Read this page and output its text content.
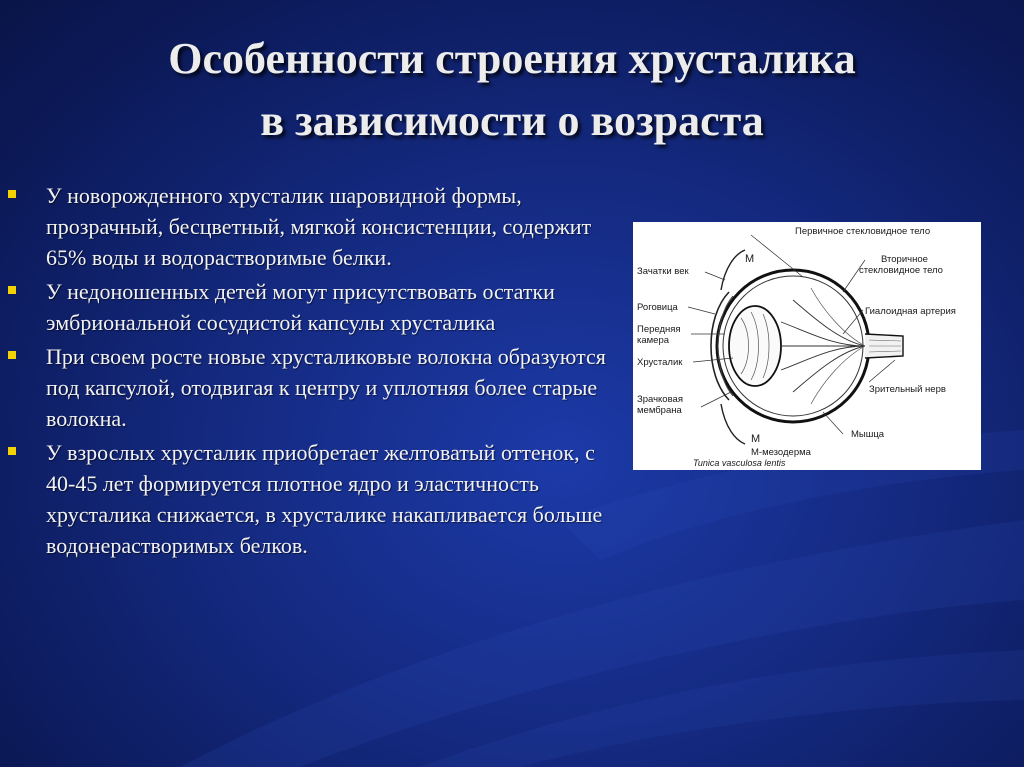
Особенности строения хрусталика
в зависимости о возраста
У новорожденного хрусталик шаровидной формы, прозрачный, бесцветный, мягкой консистенции, содержит 65% воды и водорастворимые белки.
У недоношенных детей могут присутствовать остатки эмбриональной сосудистой капсулы хрусталика
При своем росте новые хрусталиковые волокна образуются под капсулой, отодвигая к центру и уплотняя более старые волокна.
У взрослых хрусталик приобретает желтоватый оттенок, с 40-45 лет формируется плотное ядро и эластичность хрусталика снижается, в хрусталике накапливается больше водонерастворимых белков.
Первичное стекловидное тело
Вторичное
стекловидное тело
Зачатки век
M
Роговица
Передняя
камера
Гиалоидная артерия
Хрусталик
Зрительный нерв
Зрачковая
мембрана
M	Мышца
M-мезодерма
Tunica vasculosa lentis
